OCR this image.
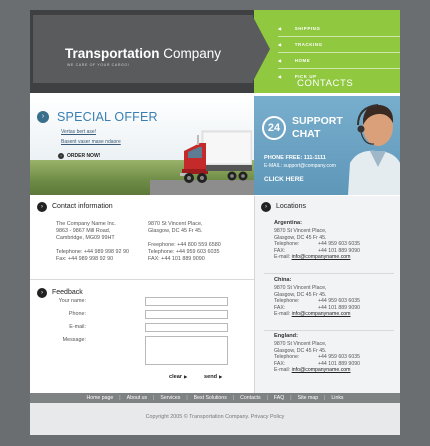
Transportation Company
WE CARE OF YOUR CARGO!
◀	SHIPPING
◀	TRACKING
◀	HOME
◀	PICK UP
CONTACTS
›	SPECIAL OFFER
Vertas bert ase!
Basent vaser mase ndaore
›	ORDER NOW!
24
SUPPORT
CHAT
PHONE FREE: 111-1111
E-MAIL: support@company.com
CLICK HERE
›	Contact information
The Company Name Inc.
9863 - 9867 Mill Road,
Cambridge, MG09 99HT
Telephone: +44 989 998 92 90
Fax: +44 989 998 92 90
9870 St Vincent Place,
Glasgow, DC 45 Fr 45.
Freephone: +44 800 559 6580
Telephone: +44 959 603 6035
FAX: +44 101 889 9090
›	Feedback
Your name:
Phone:
E-mail:
Message:
clear ▶	send ▶
›	Locations
Argentina:
9870 St Vincent Place,
Glasgow, DC 45 Fr 45.
Telephone:	+44 959 603 6035
FAX:	+44 101 889 9090
E-mail:
info@companyname.com
China:
9870 St Vincent Place,
Glasgow, DC 45 Fr 45.
Telephone:	+44 959 603 6035
FAX:	+44 101 889 9090
E-mail:
info@companyname.com
England:
9870 St Vincent Place,
Glasgow, DC 45 Fr 45.
Telephone:	+44 959 603 6035
FAX:	+44 101 889 9090
E-mail:
info@companyname.com
Home page	|	About us	|	Services	|	Best Solutions	|	Contacts	|	FAQ	|	Site map	|	Links
Copyright 2005 © Transportation Company. Privacy Policy
